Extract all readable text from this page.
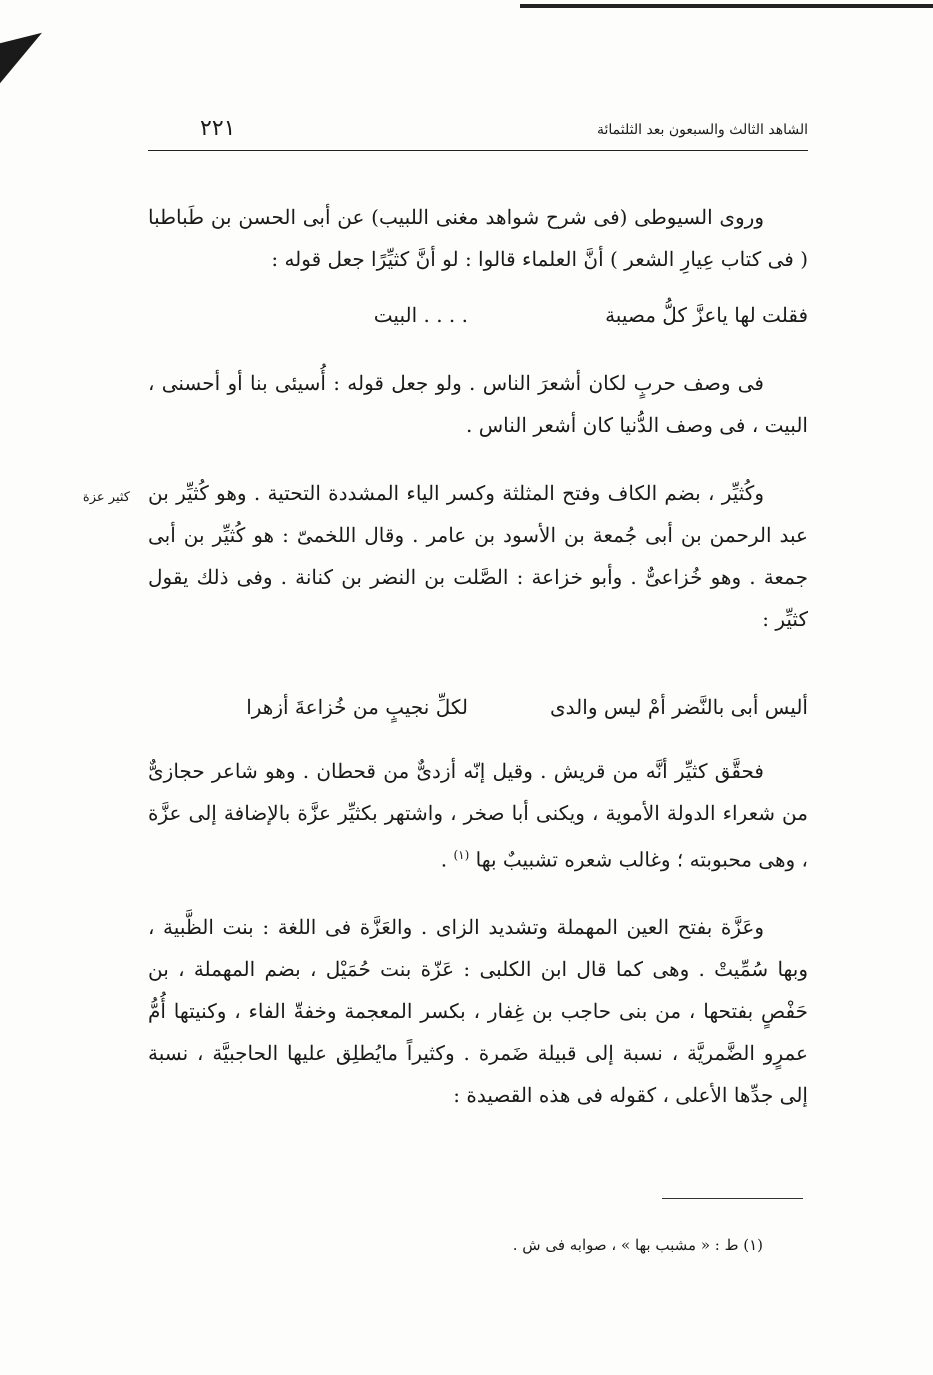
الشاهد الثالث والسبعون بعد الثلثمائة
٢٢١

وروى السيوطى (فى شرح شواهد مغنى اللبيب) عن أبى الحسن بن طَباطبا ( فى كتاب عِيارِ الشعر ) أنَّ العلماء قالوا : لو أنَّ كثيِّرًا جعل قوله :

فقلت لها ياعزَّ كلُّ مصيبة. . . . البيت

فى وصف حربٍ لكان أشعرَ الناس . ولو جعل قوله : أُسيئى بنا أو أحسنى ، البيت ، فى وصف الدُّنيا كان أشعر الناس .

وكُثيِّر ، بضم الكاف وفتح المثلثة وكسر الياء المشددة التحتية . وهو كُثيِّر بن عبد الرحمن بن أبى جُمعة بن الأسود بن عامر . وقال اللخمىّ : هو كُثيِّر بن أبى جمعة . وهو خُزاعىٌّ . وأبو خزاعة : الصَّلت بن النضر بن كنانة . وفى ذلك يقول كثيِّر :

أليس أبى بالنَّضر أمْ ليس والدىلكلِّ نجيبٍ من خُزاعةَ أزهرا

فحقَّق كثيِّر أنَّه من قريش . وقيل إنّه أزدىٌّ من قحطان . وهو شاعر حجازىٌّ من شعراء الدولة الأموية ، ويكنى أبا صخر ، واشتهر بكثيِّر عزَّة بالإضافة إلى عزَّة ، وهى محبوبته ؛ وغالب شعره تشبيبٌ بها $^{(١)}$ .

وعَزَّة بفتح العين المهملة وتشديد الزاى . والعَزَّة فى اللغة : بنت الظَّبية ، وبها سُمِّيتْ . وهى كما قال ابن الكلبى : عَزّة بنت حُمَيْل ، بضم المهملة ، بن حَفْصٍ بفتحها ، من بنى حاجب بن غِفار ، بكسر المعجمة وخفةّ الفاء ، وكنيتها أُمُّ عمرٍو الضَّمريَّة ، نسبة إلى قبيلة ضَمرة . وكثيراً مايُطلِق عليها الحاجبيَّة ، نسبة إلى جدِّها الأعلى ، كقوله فى هذه القصيدة :

كثير عزة
(١) ط : « مشبب بها » ، صوابه فى ش .
